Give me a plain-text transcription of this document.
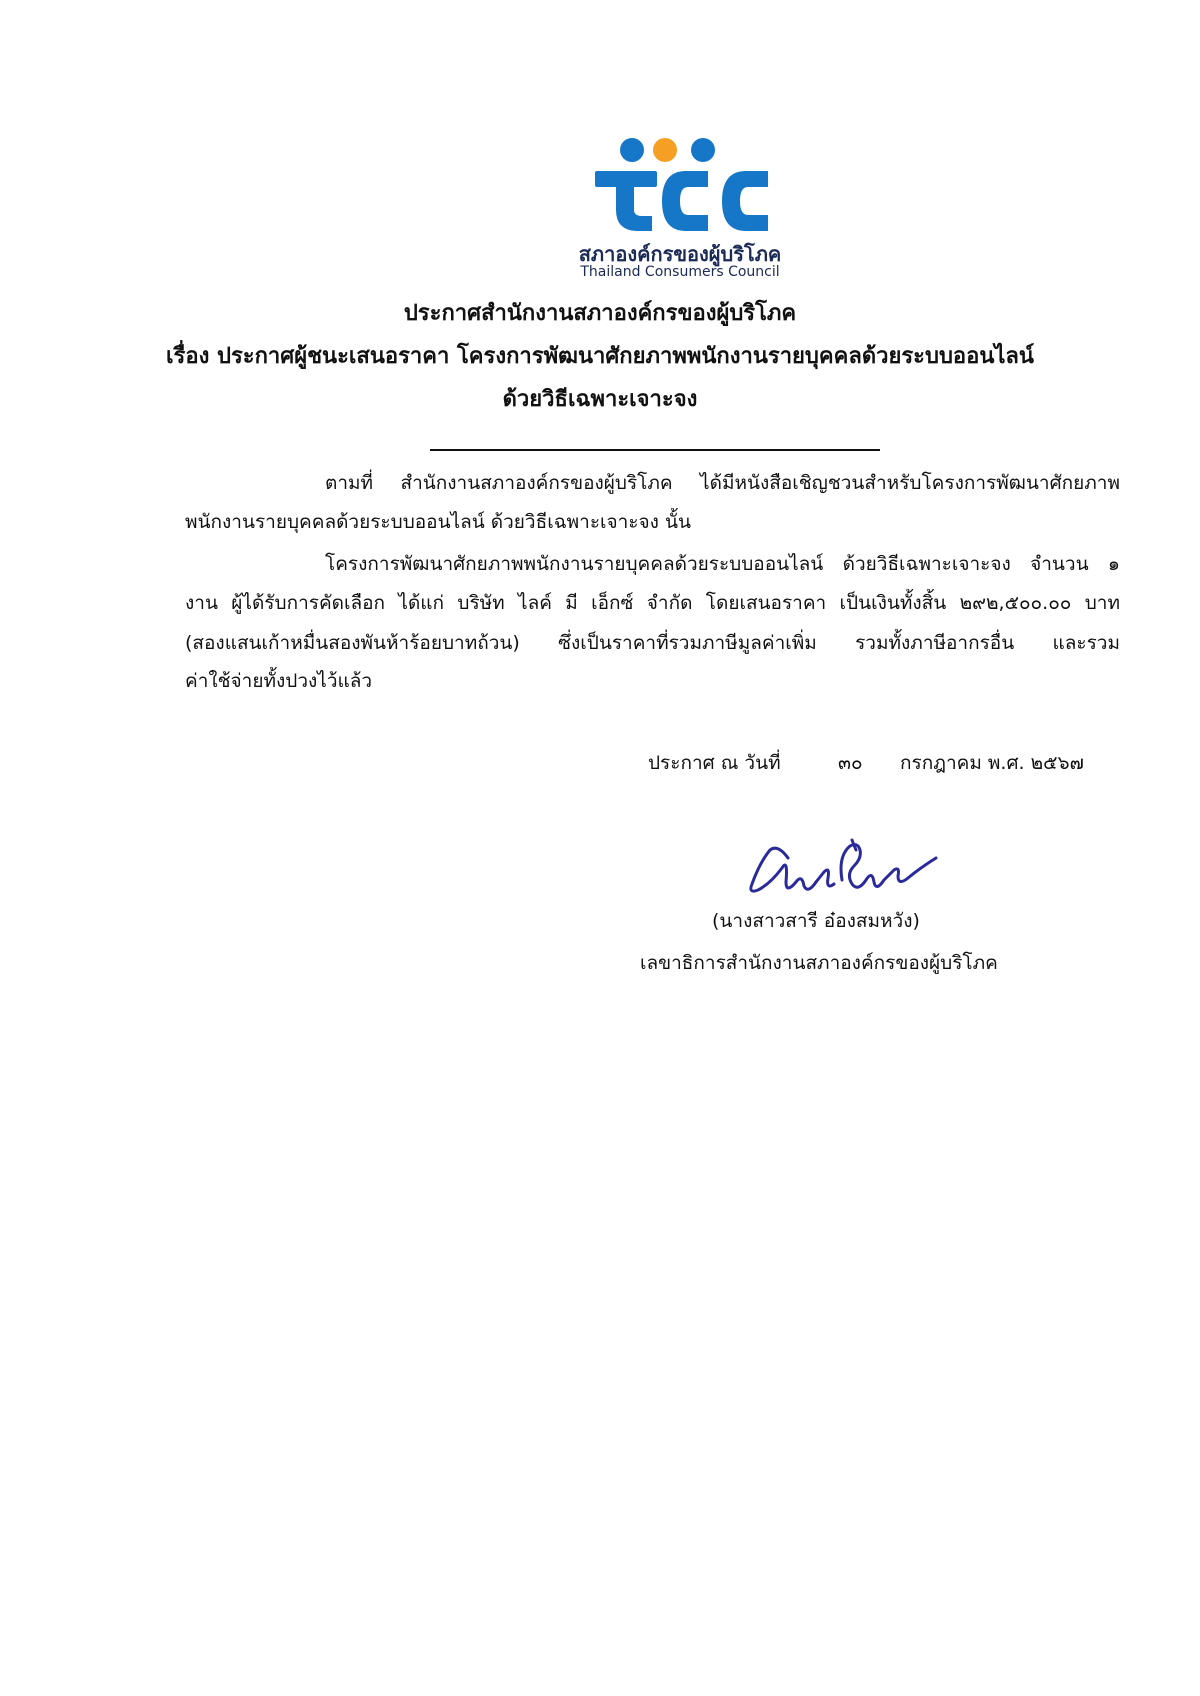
สภาองค์กรของผู้บริโภค
Thailand Consumers Council
ประกาศสำนักงานสภาองค์กรของผู้บริโภค
เรื่อง ประกาศผู้ชนะเสนอราคา โครงการพัฒนาศักยภาพพนักงานรายบุคคลด้วยระบบออนไลน์
ด้วยวิธีเฉพาะเจาะจง
ตามที่ สำนักงานสภาองค์กรของผู้บริโภค ได้มีหนังสือเชิญชวนสำหรับโครงการพัฒนาศักยภาพ
พนักงานรายบุคคลด้วยระบบออนไลน์ ด้วยวิธีเฉพาะเจาะจง นั้น
โครงการพัฒนาศักยภาพพนักงานรายบุคคลด้วยระบบออนไลน์ ด้วยวิธีเฉพาะเจาะจง จำนวน ๑
งาน ผู้ได้รับการคัดเลือก ได้แก่ บริษัท ไลค์ มี เอ็กซ์ จำกัด โดยเสนอราคา เป็นเงินทั้งสิ้น ๒๙๒,๕๐๐.๐๐ บาท
(สองแสนเก้าหมื่นสองพันห้าร้อยบาทถ้วน) ซึ่งเป็นราคาที่รวมภาษีมูลค่าเพิ่ม รวมทั้งภาษีอากรอื่น และรวม
ค่าใช้จ่ายทั้งปวงไว้แล้ว
ประกาศ ณ วันที่	๓๐ กรกฎาคม พ.ศ. ๒๕๖๗
(นางสาวสารี อ๋องสมหวัง)
เลขาธิการสำนักงานสภาองค์กรของผู้บริโภค
